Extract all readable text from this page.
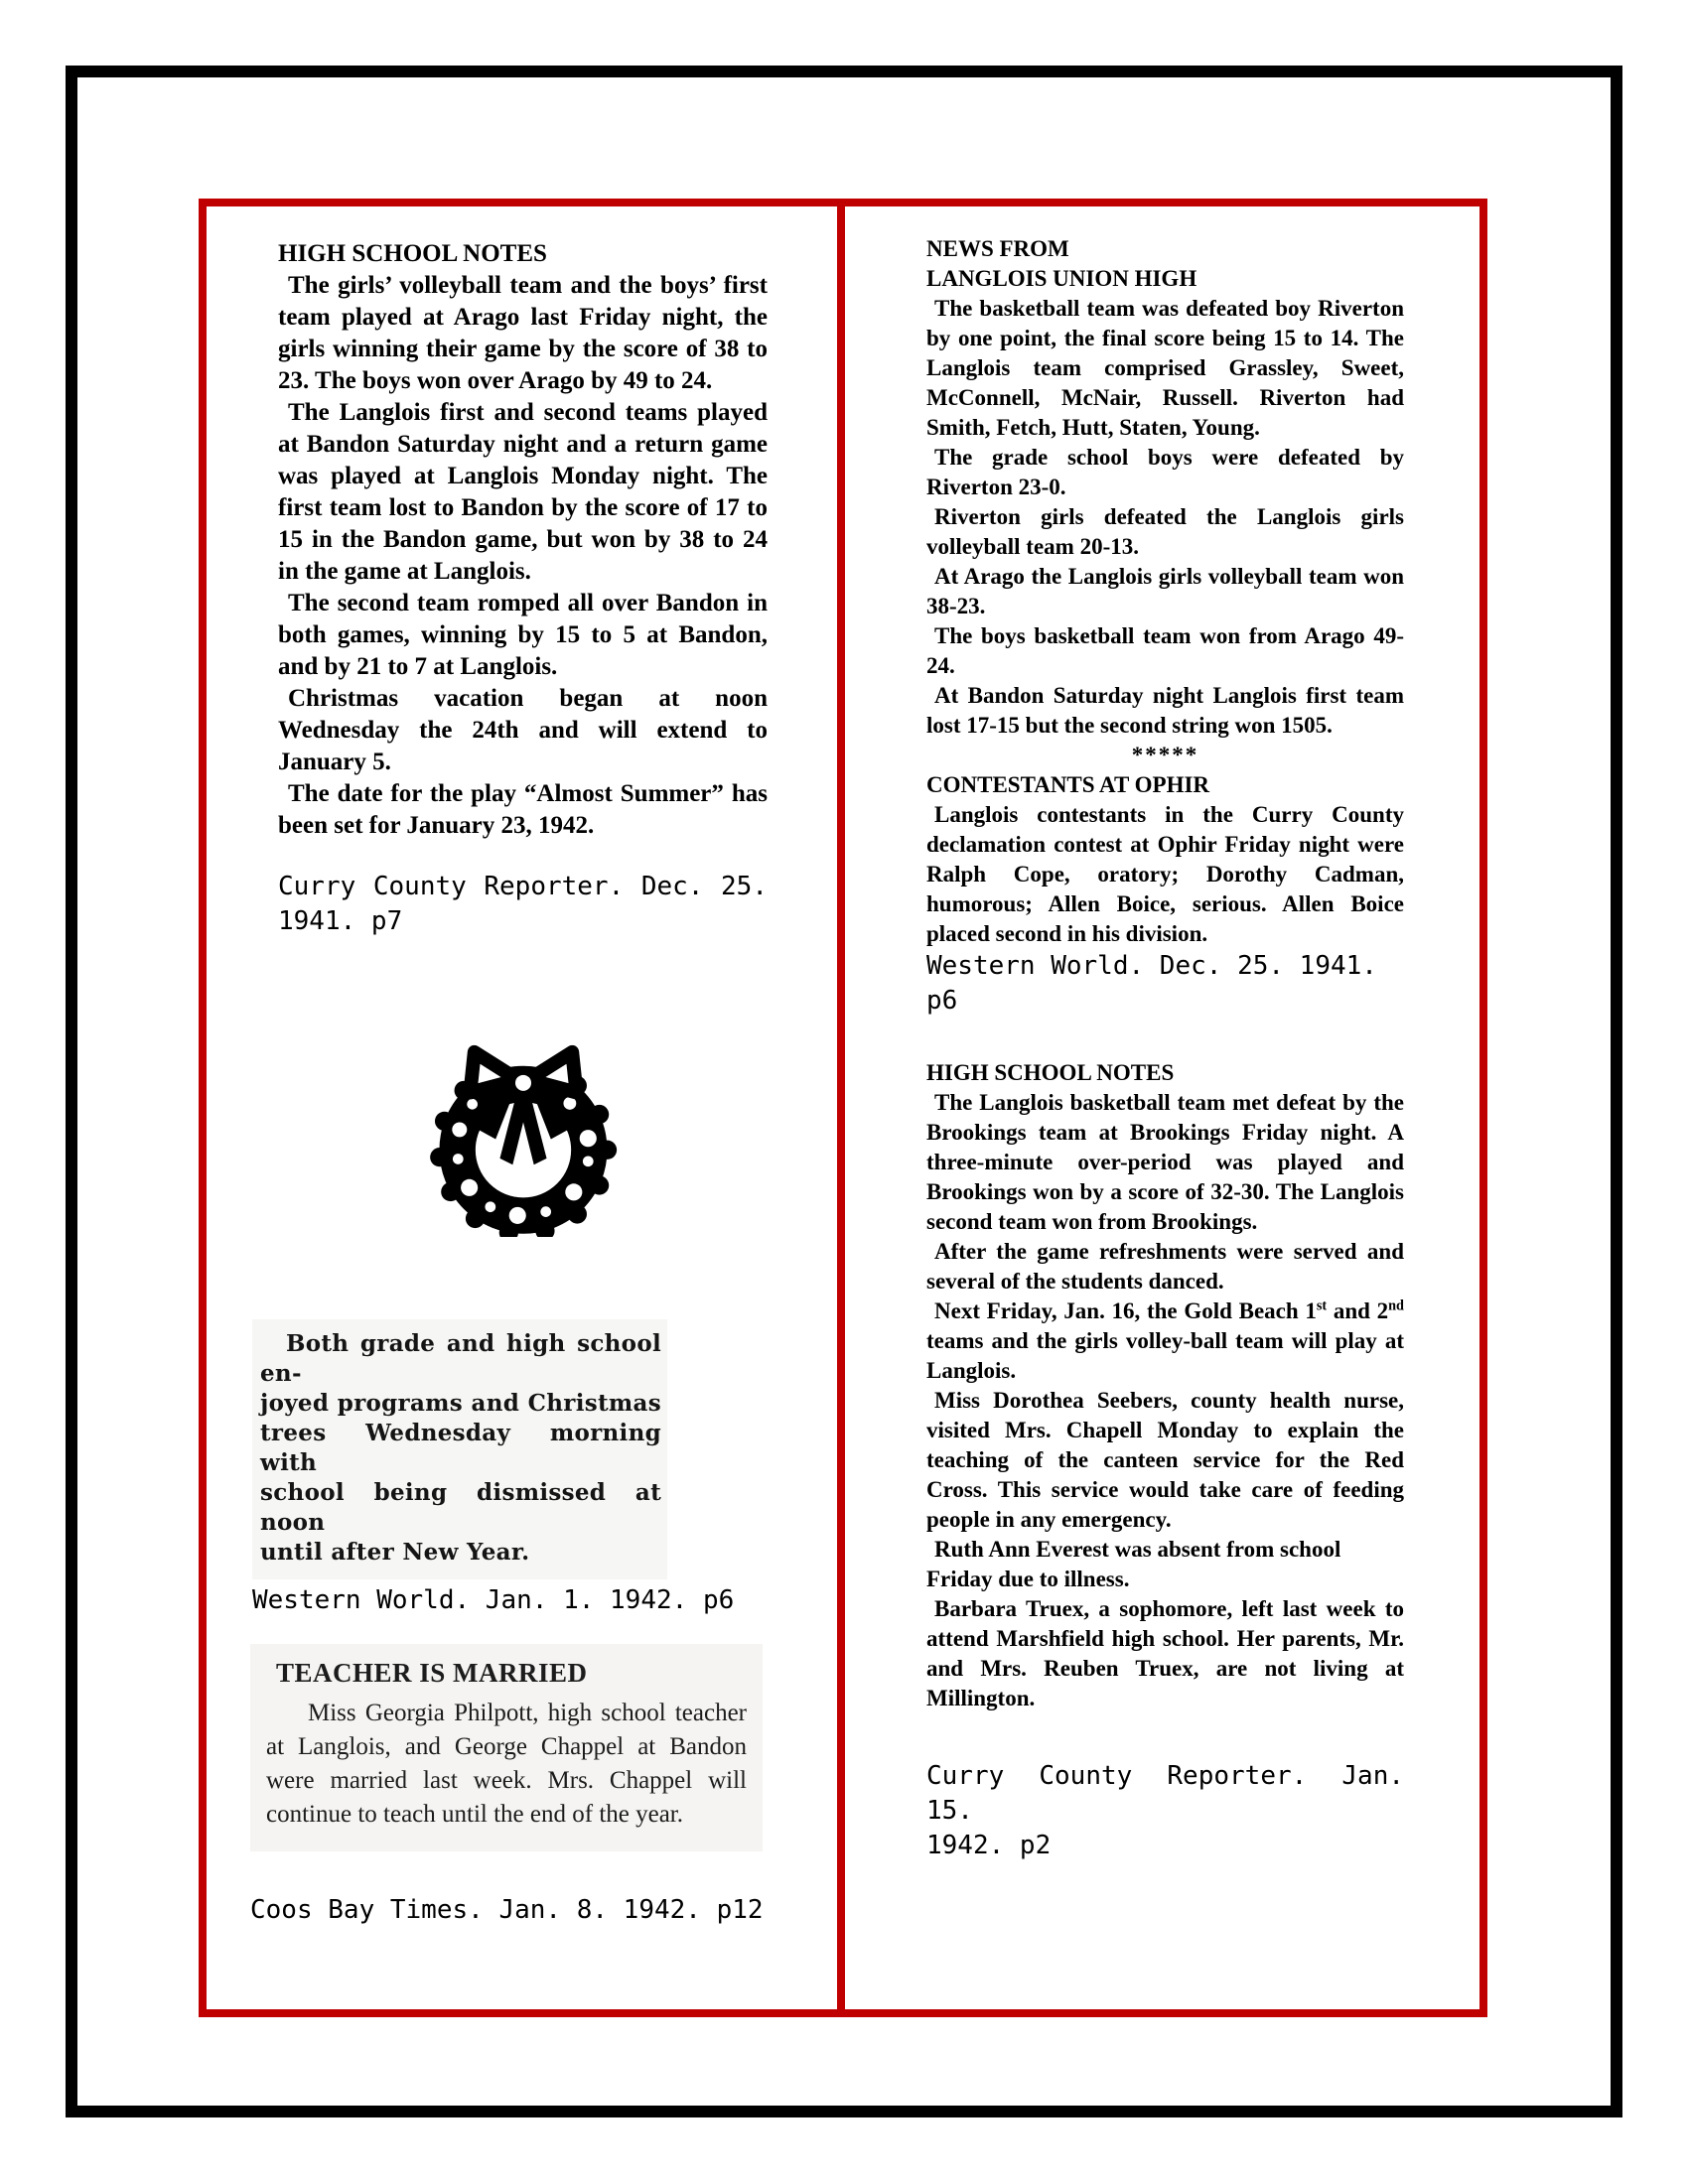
HIGH SCHOOL NOTES

The girls’ volleyball team and the boys’ first team played at Arago last Friday night, the girls winning their game by the score of 38 to 23. The boys won over Arago by 49 to 24.

The Langlois first and second teams played at Bandon Saturday night and a return game was played at Langlois Monday night. The first team lost to Bandon by the score of 17 to 15 in the Bandon game, but won by 38 to 24 in the game at Langlois.

The second team romped all over Bandon in both games, winning by 15 to 5 at Bandon, and by 21 to 7 at Langlois.

Christmas vacation began at noon Wednesday the 24th and will extend to January 5.

The date for the play “Almost Summer” has been set for January 23, 1942.

Curry County Reporter. Dec. 25.
1941. p7
Both grade and high school en-
joyed programs and Christmas
trees Wednesday morning with
school being dismissed at noon
until after New Year.
Western World. Jan. 1. 1942. p6
TEACHER IS MARRIED

Miss Georgia Philpott, high school teacher at Langlois, and George Chappel at Bandon were married last week. Mrs. Chappel will continue to teach until the end of the year.

Coos Bay Times. Jan. 8. 1942. p12
NEWS FROM
LANGLOIS UNION HIGH

The basketball team was defeated boy Riverton by one point, the final score being 15 to 14. The Langlois team comprised Grassley, Sweet, McConnell, McNair, Russell. Riverton had Smith, Fetch, Hutt, Staten, Young.

The grade school boys were defeated by Riverton 23-0.

Riverton girls defeated the Langlois girls volleyball team 20-13.

At Arago the Langlois girls volleyball team won 38-23.

The boys basketball team won from Arago 49-24.

At Bandon Saturday night Langlois first team lost 17-15 but the second string won 1505.

*****
CONTESTANTS AT OPHIR

Langlois contestants in the Curry County declamation contest at Ophir Friday night were Ralph Cope, oratory; Dorothy Cadman, humorous; Allen Boice, serious. Allen Boice placed second in his division.

Western World. Dec. 25. 1941. p6
HIGH SCHOOL NOTES

The Langlois basketball team met defeat by the Brookings team at Brookings Friday night. A three-minute over-period was played and Brookings won by a score of 32-30. The Langlois second team won from Brookings.

After the game refreshments were served and several of the students danced.

Next Friday, Jan. 16, the Gold Beach 1st and 2nd teams and the girls volley-ball team will play at Langlois.

Miss Dorothea Seebers, county health nurse, visited Mrs. Chapell Monday to explain the teaching of the canteen service for the Red Cross. This service would take care of feeding people in any emergency.

Ruth Ann Everest was absent from school

Friday due to illness.

Barbara Truex, a sophomore, left last week to attend Marshfield high school. Her parents, Mr. and Mrs. Reuben Truex, are not living at Millington.

Curry County Reporter. Jan. 15.
1942. p2
